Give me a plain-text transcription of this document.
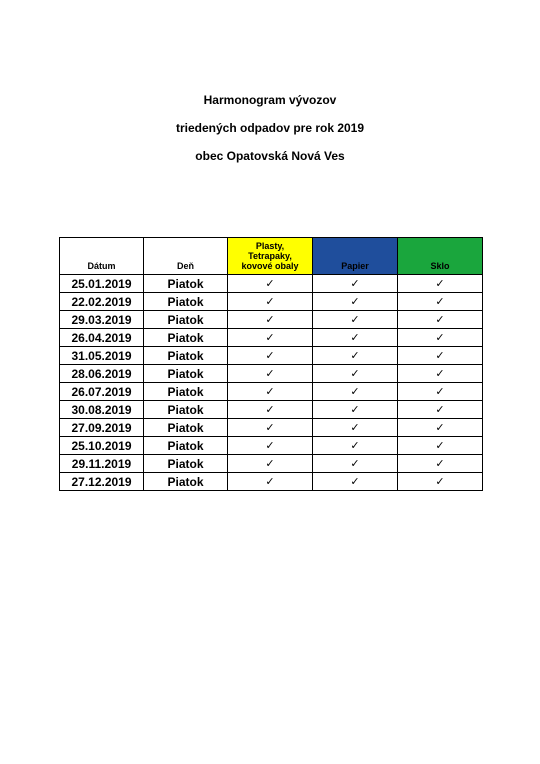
Harmonogram vývozov
triedených odpadov pre rok 2019
obec Opatovská Nová Ves
Dátum	Deň	Plasty,
Tetrapaky,
kovové obaly	Papier	Sklo
25.01.2019	Piatok	✓	✓	✓
22.02.2019	Piatok	✓	✓	✓
29.03.2019	Piatok	✓	✓	✓
26.04.2019	Piatok	✓	✓	✓
31.05.2019	Piatok	✓	✓	✓
28.06.2019	Piatok	✓	✓	✓
26.07.2019	Piatok	✓	✓	✓
30.08.2019	Piatok	✓	✓	✓
27.09.2019	Piatok	✓	✓	✓
25.10.2019	Piatok	✓	✓	✓
29.11.2019	Piatok	✓	✓	✓
27.12.2019	Piatok	✓	✓	✓
